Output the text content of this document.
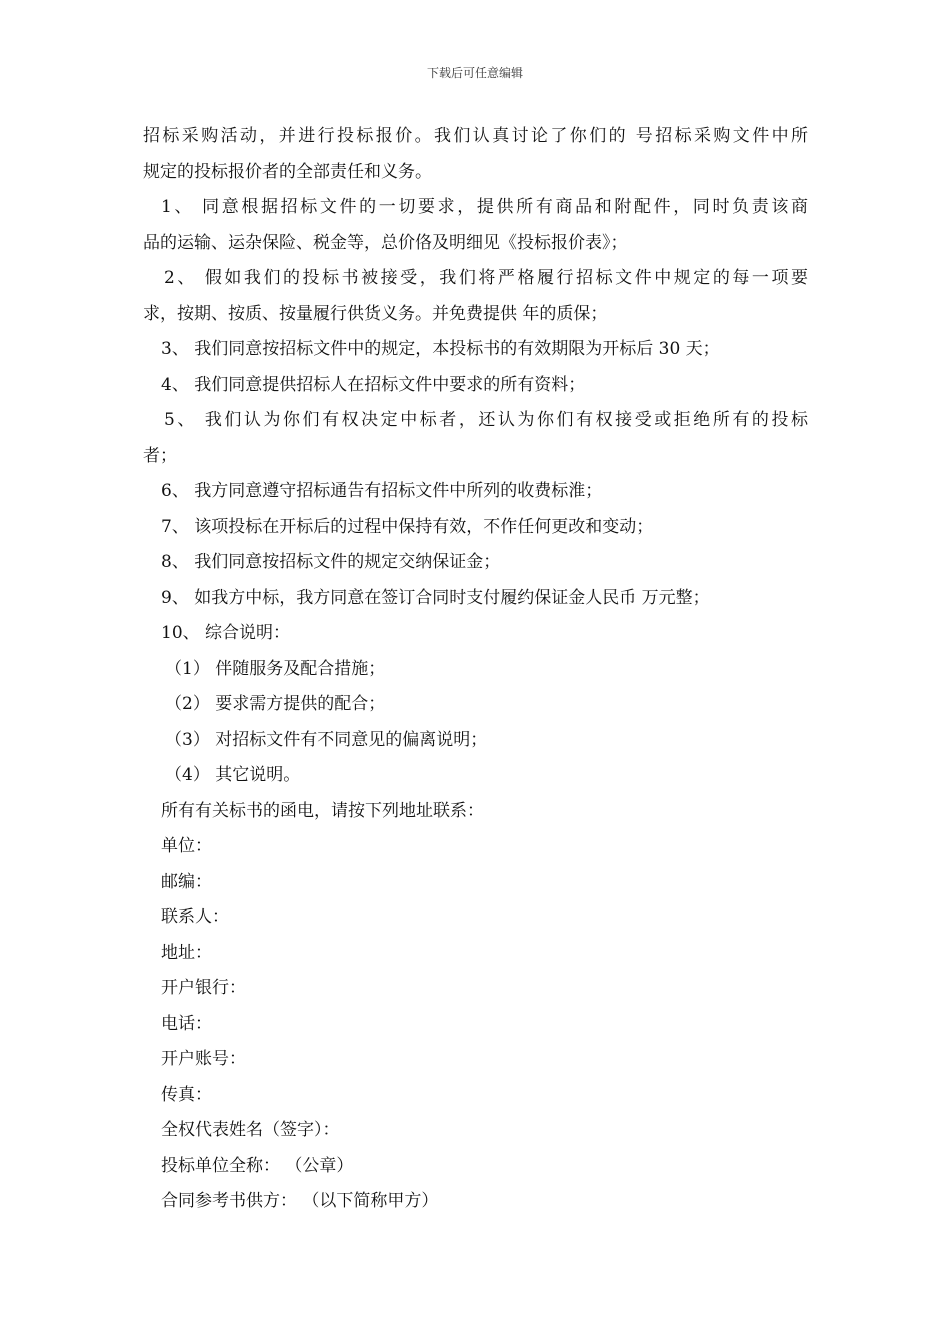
下载后可任意编辑
招标采购活动，并进行投标报价。我们认真讨论了你们的 号招标采购文件中所
规定的投标报价者的全部责任和义务。
1、 同意根据招标文件的一切要求，提供所有商品和附配件，同时负责该商
品的运输、运杂保险、税金等，总价佫及明细见《投标报价表》；
2、 假如我们的投标书被接受，我们将严格履行招标文件中规定的每一项要
求，按期、按质、按量履行供货义务。并免费提供 年的质保；
3、 我们同意按招标文件中的规定，本投标书的有效期限为开标后 30 天；
4、 我们同意提供招标人在招标文件中要求的所有资料；
5、 我们认为你们有权决定中标者，还认为你们有权接受或拒绝所有的投标
者；
6、 我方同意遵守招标通告有招标文件中所列的收费标淮；
7、 该项投标在开标后的过程中保持有效，不作任何更改和变动；
8、 我们同意按招标文件的规定交纳保证金；
9、 如我方中标，我方同意在签订合同时支付履约保证金人民币 万元整；
10、 综合说明：
（1） 伴随服务及配合措施；
（2） 要求需方提供的配合；
（3） 对招标文件有不同意见的偏离说明；
（4） 其它说明。
所有有关标书的函电，请按下列地址联系：
单位：
邮编：
联系人：
地址：
开户银行：
电话：
开户账号：
传真：
全权代表姓名（签字）：
投标单位全称： （公章）
合同参考书供方： （以下简称甲方）
